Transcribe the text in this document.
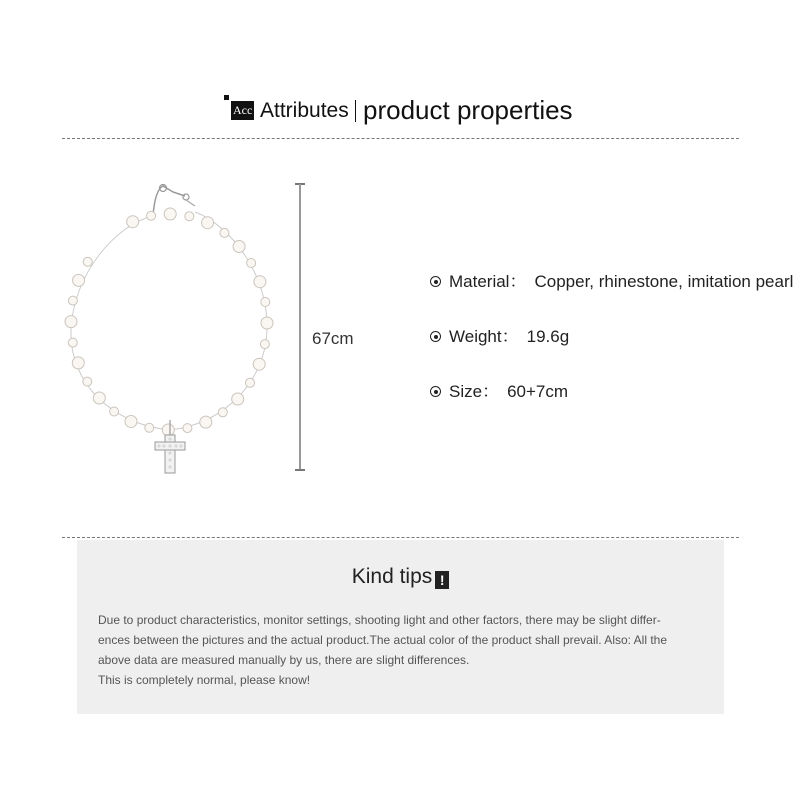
Acc Attributes product properties
67cm
Material： Copper, rhinestone, imitation pearl
Weight： 19.6g
Size： 60+7cm
Kind tips !

Due to product characteristics, monitor settings, shooting light and other factors, there may be slight differ-

ences between the pictures and the actual product.The actual color of the product shall prevail. Also: All the

above data are measured manually by us, there are slight differences.

This is completely normal, please know!
